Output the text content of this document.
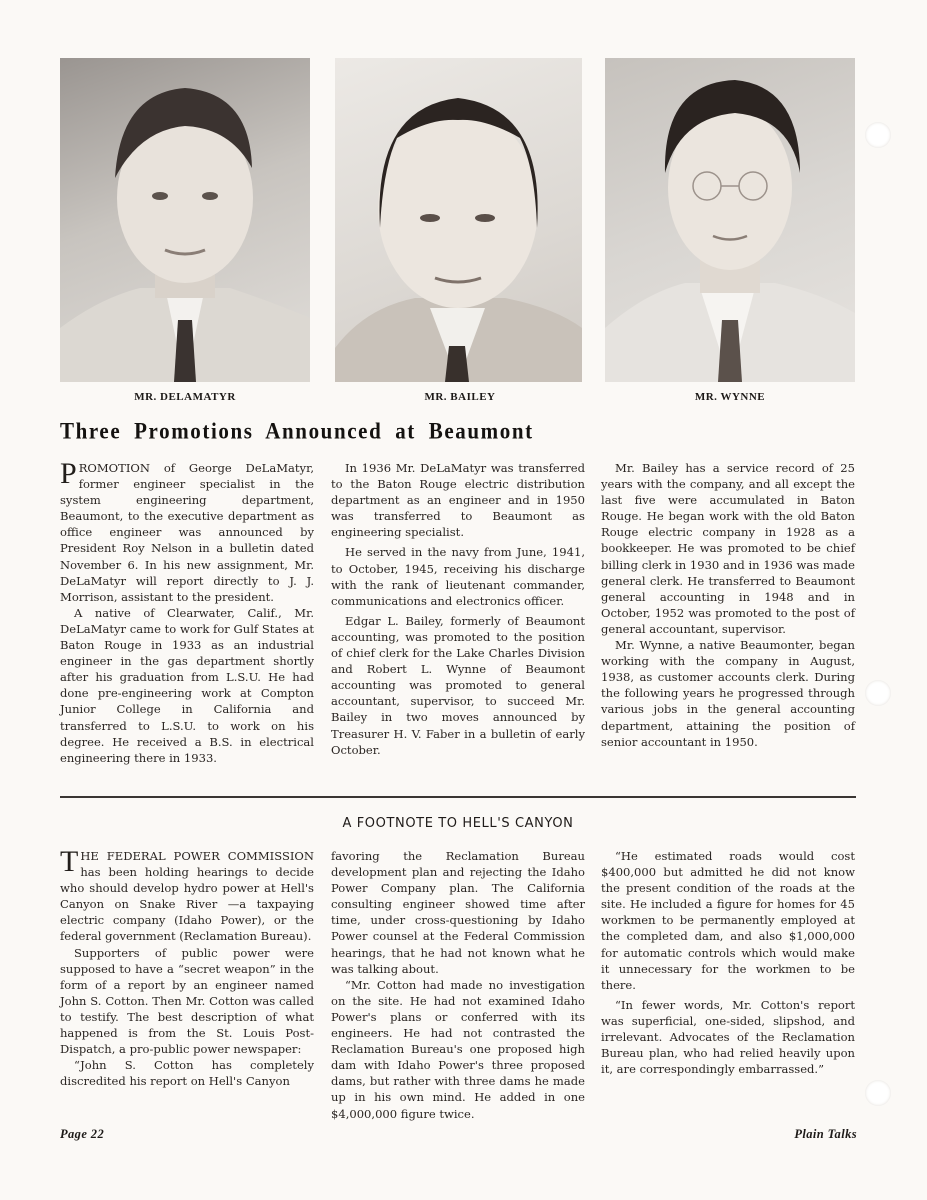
MR. DELAMATYR	MR. BAILEY	MR. WYNNE
Three Promotions Announced at Beaumont

PROMOTION of George DeLaMatyr, former engineer specialist in the system engineering department, Beaumont, to the executive department as office engineer was announced by President Roy Nelson in a bulletin dated November 6. In his new assignment, Mr. DeLaMatyr will report directly to J. J. Morrison, assistant to the president.

A native of Clearwater, Calif., Mr. DeLaMatyr came to work for Gulf States at Baton Rouge in 1933 as an industrial engineer in the gas department shortly after his graduation from L.S.U. He had done pre-engineering work at Compton Junior College in California and transferred to L.S.U. to work on his degree. He received a B.S. in electrical engineering there in 1933.

In 1936 Mr. DeLaMatyr was transferred to the Baton Rouge electric distribution department as an engineer and in 1950 was transferred to Beaumont as engineering specialist.

He served in the navy from June, 1941, to October, 1945, receiving his discharge with the rank of lieutenant commander, communications and electronics officer.

Edgar L. Bailey, formerly of Beaumont accounting, was promoted to the position of chief clerk for the Lake Charles Division and Robert L. Wynne of Beaumont accounting was promoted to general accountant, supervisor, to succeed Mr. Bailey in two moves announced by Treasurer H. V. Faber in a bulletin of early October.

Mr. Bailey has a service record of 25 years with the company, and all except the last five were accumulated in Baton Rouge. He began work with the old Baton Rouge electric company in 1928 as a bookkeeper. He was promoted to be chief billing clerk in 1930 and in 1936 was made general clerk. He transferred to Beaumont general accounting in 1948 and in October, 1952 was promoted to the post of general accountant, supervisor.

Mr. Wynne, a native Beaumonter, began working with the company in August, 1938, as customer accounts clerk. During the following years he progressed through various jobs in the general accounting department, attaining the position of senior accountant in 1950.

A FOOTNOTE TO HELL'S CANYON

THE FEDERAL POWER COMMISSION has been holding hearings to decide who should develop hydro power at Hell's Canyon on Snake River —a taxpaying electric company (Idaho Power), or the federal government (Reclamation Bureau).

Supporters of public power were supposed to have a “secret weapon” in the form of a report by an engineer named John S. Cotton. Then Mr. Cotton was called to testify. The best description of what happened is from the St. Louis Post-Dispatch, a pro-public power newspaper:

“John S. Cotton has completely discredited his report on Hell's Canyon

favoring the Reclamation Bureau development plan and rejecting the Idaho Power Company plan. The California consulting engineer showed time after time, under cross-questioning by Idaho Power counsel at the Federal Commission hearings, that he had not known what he was talking about.

“Mr. Cotton had made no investigation on the site. He had not examined Idaho Power's plans or conferred with its engineers. He had not contrasted the Reclamation Bureau's one proposed high dam with Idaho Power's three proposed dams, but rather with three dams he made up in his own mind. He added in one $4,000,000 figure twice.

“He estimated roads would cost $400,000 but admitted he did not know the present condition of the roads at the site. He included a figure for homes for 45 workmen to be permanently employed at the completed dam, and also $1,000,000 for automatic controls which would make it unnecessary for the workmen to be there.

“In fewer words, Mr. Cotton's report was superficial, one-sided, slipshod, and irrelevant. Advocates of the Reclamation Bureau plan, who had relied heavily upon it, are correspondingly embarrassed.”

Page 22	Plain Talks
